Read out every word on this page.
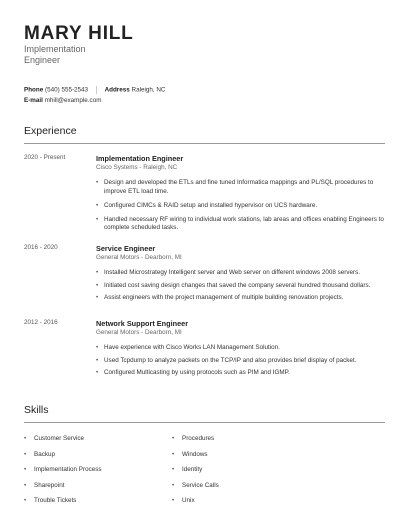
MARY HILL
Implementation Engineer
Phone (540) 555-2543	Address Raleigh, NC
E-mail mhill@example.com
Experience
2020 - Present	Implementation Engineer
Cisco Systems - Raleigh, NC
• Design and developed the ETLs and fine tuned Informatica mappings and PL/SQL procedures to improve ETL load time.
• Configured CIMCs & RAID setup and installed hypervisor on UCS hardware.
• Handled necessary RF wiring to individual work stations, lab areas and offices enabling Engineers to complete scheduled tasks.
2016 - 2020	Service Engineer
General Motors - Dearborn, MI
• Installed Microstrategy Intelligent server and Web server on different windows 2008 servers.
• Initiated cost saving design changes that saved the company several hundred thousand dollars.
• Assist engineers with the project management of multiple building renovation projects.
2012 - 2016	Network Support Engineer
General Motors - Dearborn, MI
• Have experience with Cisco Works LAN Management Solution.
• Used Tcpdump to analyze packets on the TCP/IP and also provides brief display of packet.
• Configured Multicasting by using protocols such as PIM and IGMP.
Skills
• Customer Service
• Backup
• Implementation Process
• Sharepoint
• Trouble Tickets
• Procedures
• Windows
• Identity
• Service Calls
• Unix
